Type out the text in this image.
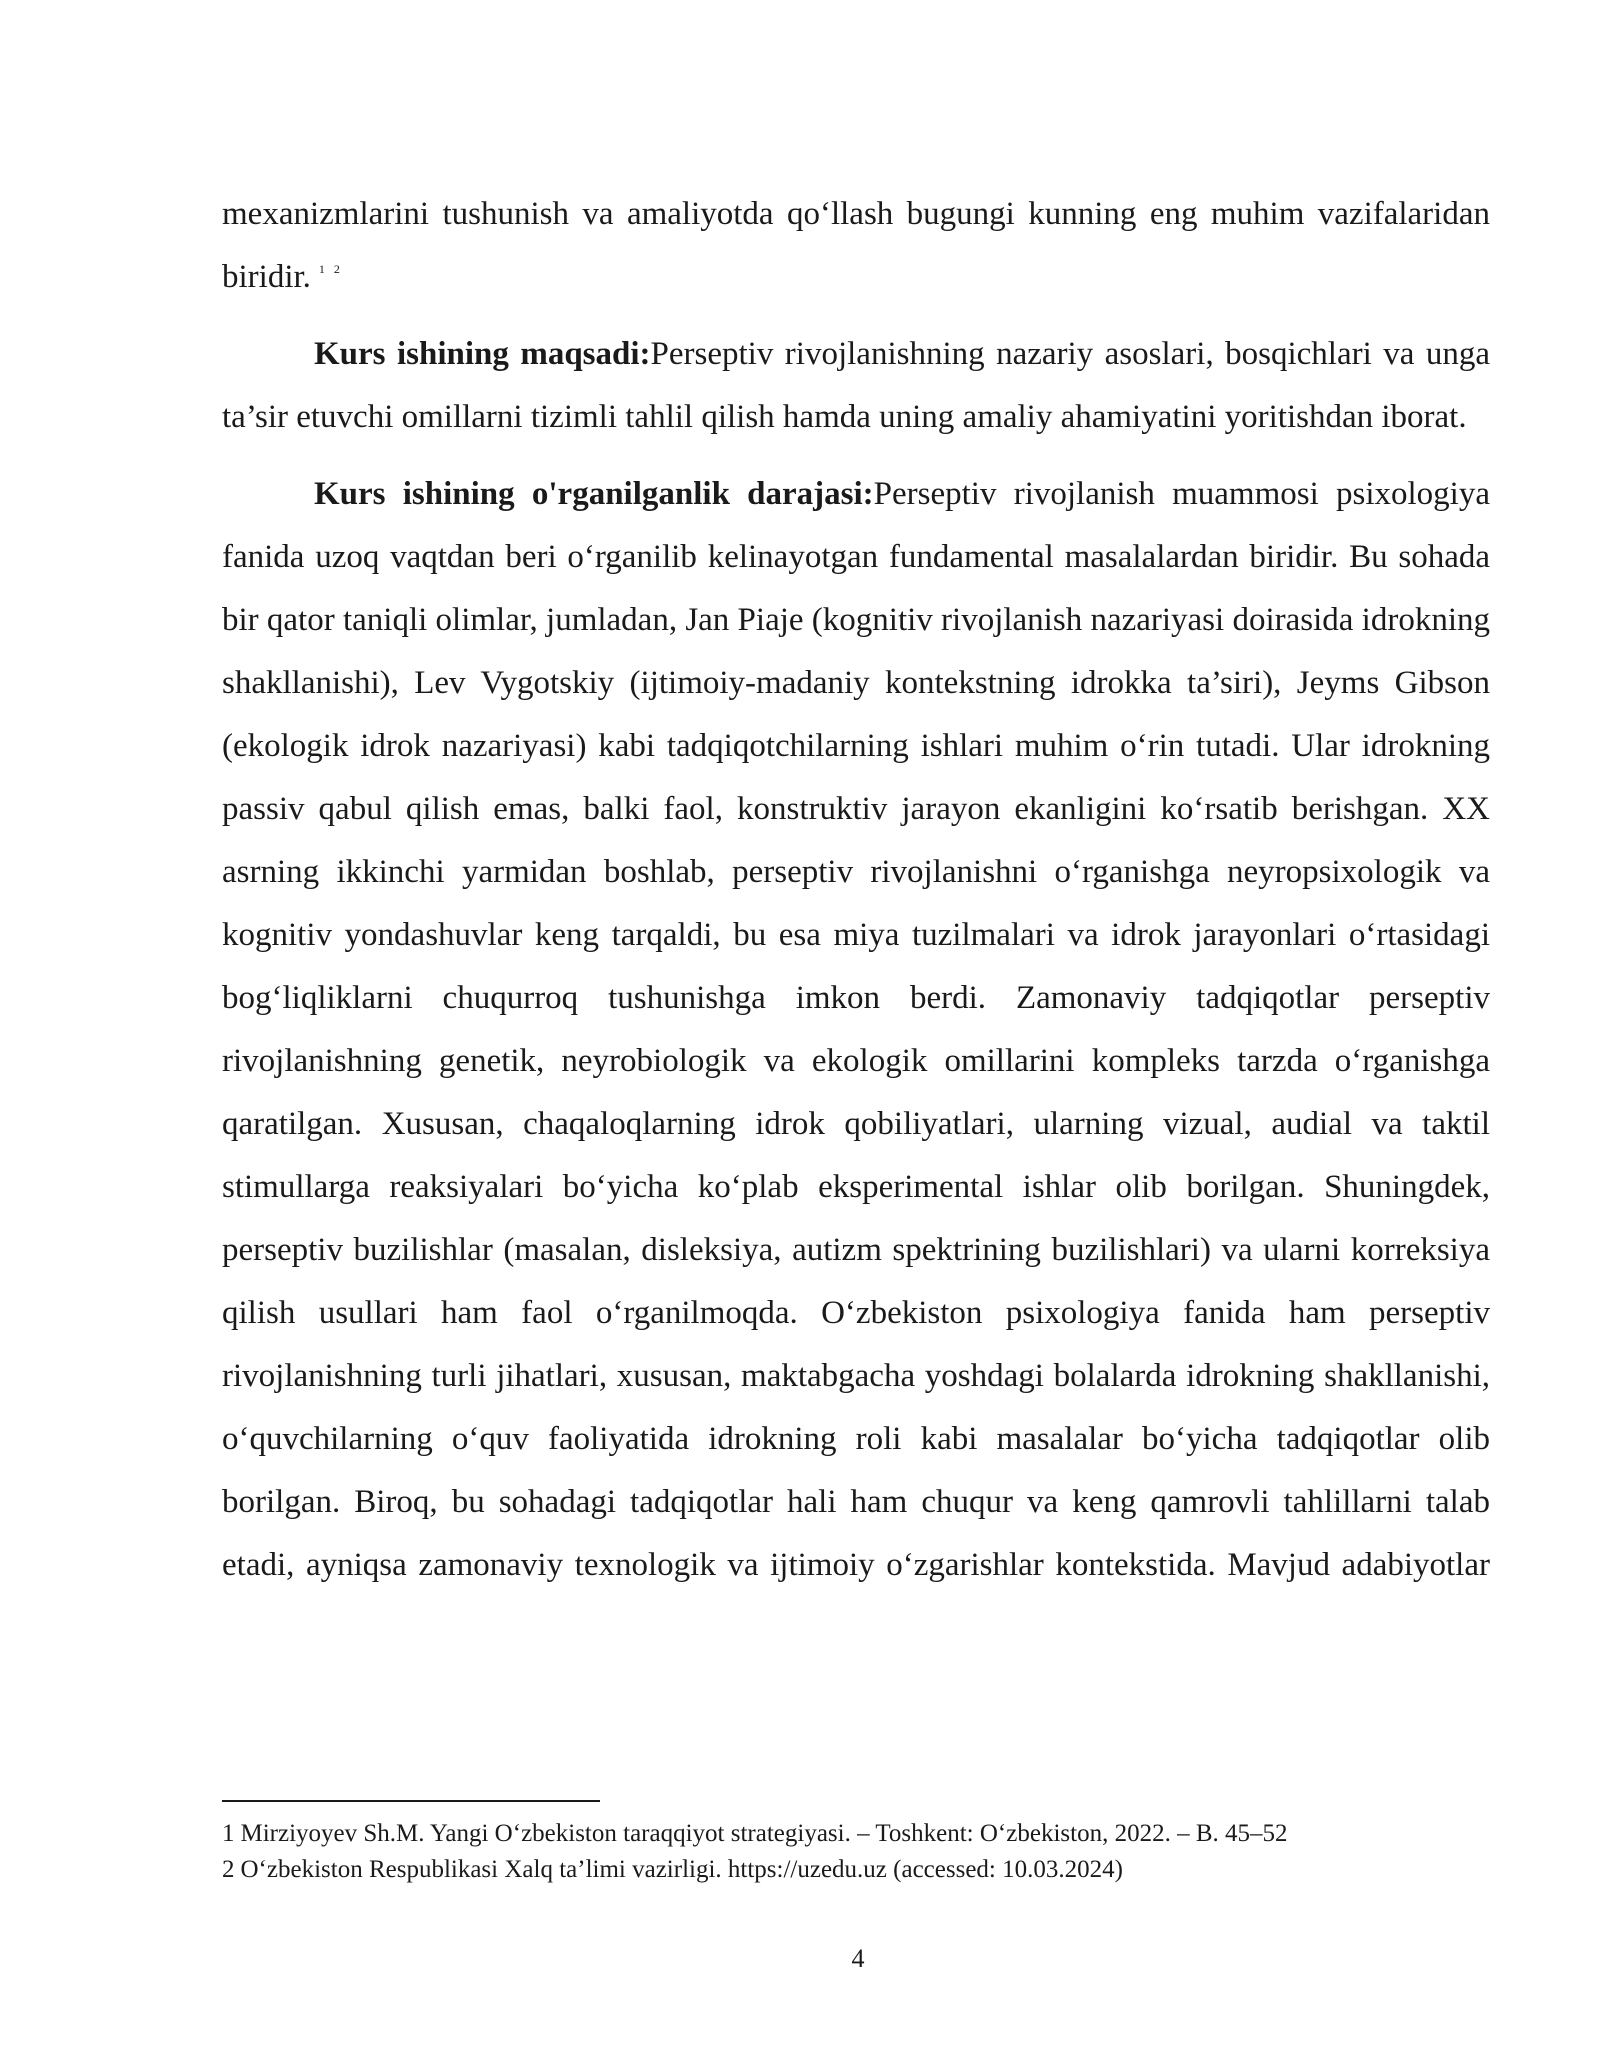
mexanizmlarini tushunish va amaliyotda qo‘llash bugungi kunning eng muhim vazifalaridan biridir. $^{1 2}$

Kurs ishining maqsadi:Perseptiv rivojlanishning nazariy asoslari, bosqichlari va unga ta’sir etuvchi omillarni tizimli tahlil qilish hamda uning amaliy ahamiyatini yoritishdan iborat.

Kurs ishining o'rganilganlik darajasi:Perseptiv rivojlanish muammosi psixologiya fanida uzoq vaqtdan beri o‘rganilib kelinayotgan fundamental masalalardan biridir. Bu sohada bir qator taniqli olimlar, jumladan, Jan Piaje (kognitiv rivojlanish nazariyasi doirasida idrokning shakllanishi), Lev Vygotskiy (ijtimoiy-madaniy kontekstning idrokka ta’siri), Jeyms Gibson (ekologik idrok nazariyasi) kabi tadqiqotchilarning ishlari muhim o‘rin tutadi. Ular idrokning passiv qabul qilish emas, balki faol, konstruktiv jarayon ekanligini ko‘rsatib berishgan. XX asrning ikkinchi yarmidan boshlab, perseptiv rivojlanishni o‘rganishga neyropsixologik va kognitiv yondashuvlar keng tarqaldi, bu esa miya tuzilmalari va idrok jarayonlari o‘rtasidagi bog‘liqliklarni chuqurroq tushunishga imkon berdi. Zamonaviy tadqiqotlar perseptiv rivojlanishning genetik, neyrobiologik va ekologik omillarini kompleks tarzda o‘rganishga qaratilgan. Xususan, chaqaloqlarning idrok qobiliyatlari, ularning vizual, audial va taktil stimullarga reaksiyalari bo‘yicha ko‘plab eksperimental ishlar olib borilgan. Shuningdek, perseptiv buzilishlar (masalan, disleksiya, autizm spektrining buzilishlari) va ularni korreksiya qilish usullari ham faol o‘rganilmoqda. O‘zbekiston psixologiya fanida ham perseptiv rivojlanishning turli jihatlari, xususan, maktabgacha yoshdagi bolalarda idrokning shakllanishi, o‘quvchilarning o‘quv faoliyatida idrokning roli kabi masalalar bo‘yicha tadqiqotlar olib borilgan. Biroq, bu sohadagi tadqiqotlar hali ham chuqur va keng qamrovli tahlillarni talab etadi, ayniqsa zamonaviy texnologik va ijtimoiy o‘zgarishlar kontekstida. Mavjud adabiyotlar

1 Mirziyoyev Sh.M. Yangi O‘zbekiston taraqqiyot strategiyasi. – Toshkent: O‘zbekiston, 2022. – B. 45–52

2 O‘zbekiston Respublikasi Xalq ta’limi vazirligi. https://uzedu.uz (accessed: 10.03.2024)

4
